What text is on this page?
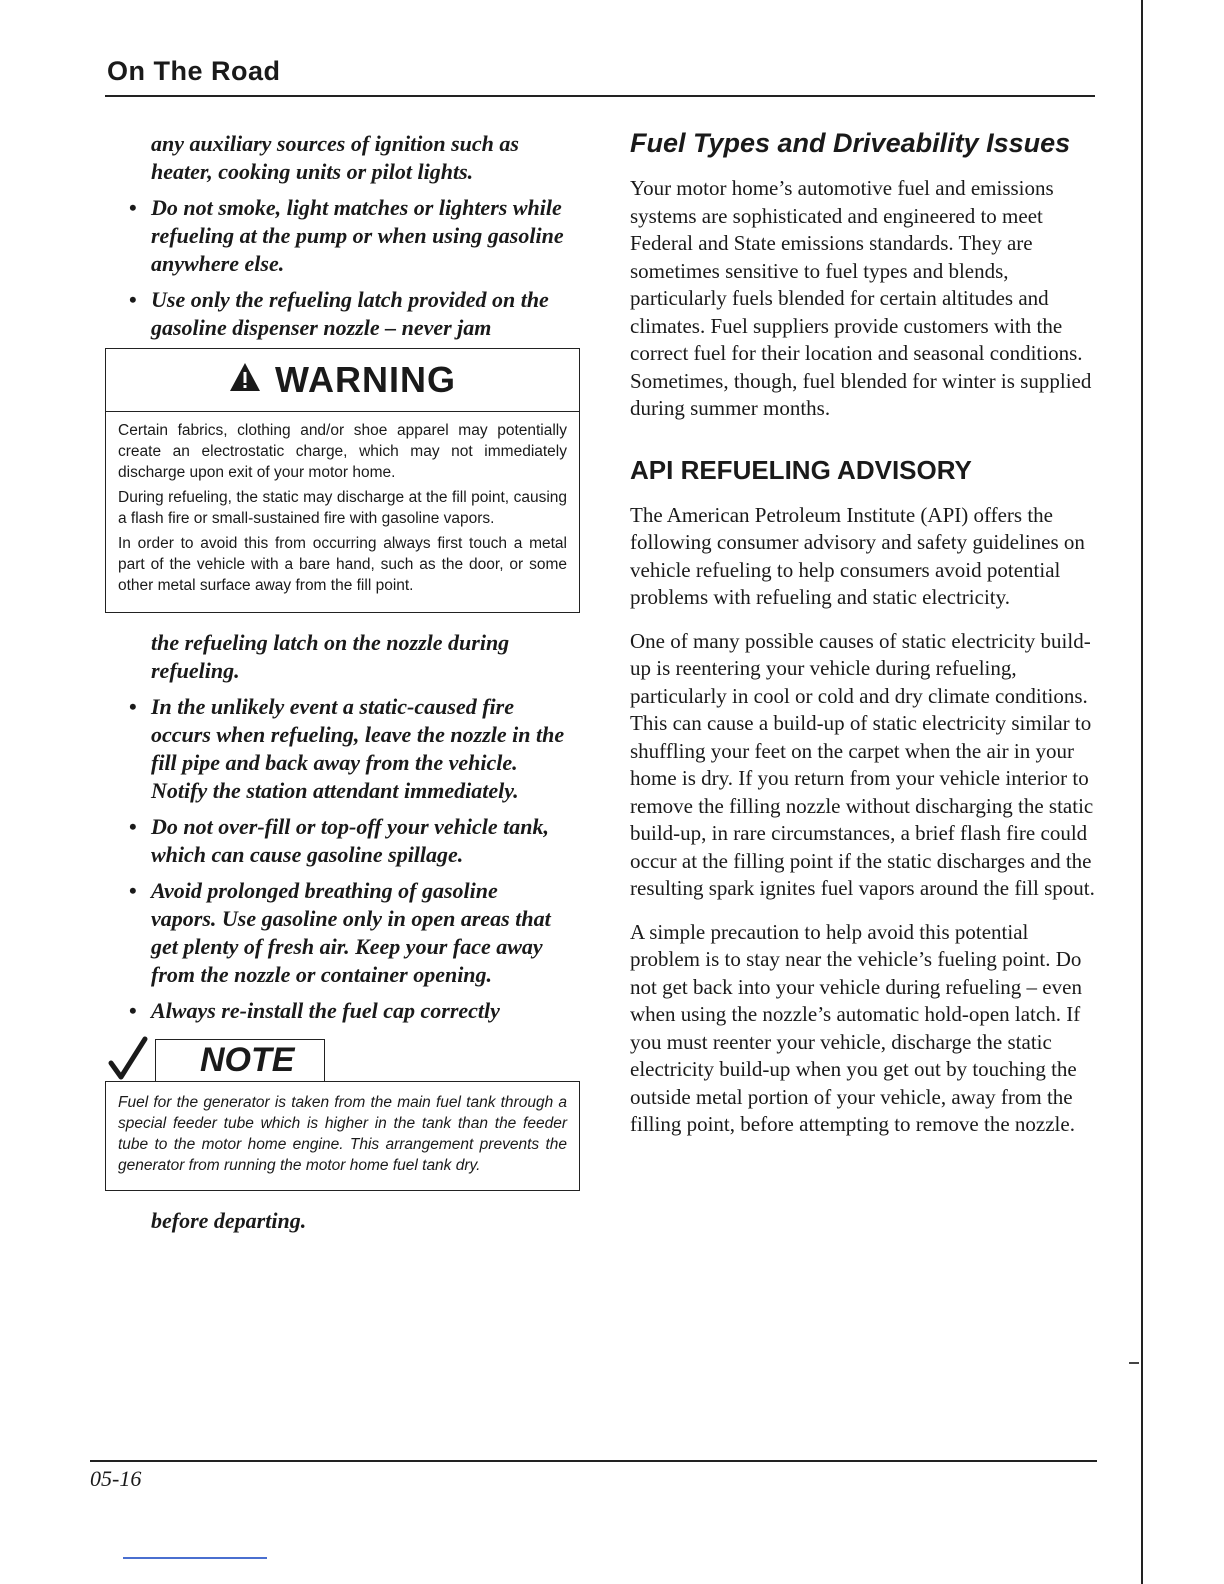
On The Road
any auxiliary sources of ignition such as heater, cooking units or pilot lights.
• Do not smoke, light matches or lighters while refueling at the pump or when using gasoline anywhere else.
• Use only the refueling latch provided on the gasoline dispenser nozzle – never jam
WARNING

Certain fabrics, clothing and/or shoe apparel may potentially create an electrostatic charge, which may not immediately discharge upon exit of your motor home.

During refueling, the static may discharge at the fill point, causing a flash fire or small-sustained fire with gasoline vapors.

In order to avoid this from occurring always first touch a metal part of the vehicle with a bare hand, such as the door, or some other metal surface away from the fill point.

the refueling latch on the nozzle during refueling.
• In the unlikely event a static-caused fire occurs when refueling, leave the nozzle in the fill pipe and back away from the vehicle. Notify the station attendant immediately.
• Do not over-fill or top-off your vehicle tank, which can cause gasoline spillage.
• Avoid prolonged breathing of gasoline vapors. Use gasoline only in open areas that get plenty of fresh air. Keep your face away from the nozzle or container opening.
• Always re-install the fuel cap correctly
NOTE
Fuel for the generator is taken from the main fuel tank through a special feeder tube which is higher in the tank than the feeder tube to the motor home engine. This arrangement prevents the generator from running the motor home fuel tank dry.
before departing.
Fuel Types and Driveability Issues

Your motor home’s automotive fuel and emissions systems are sophisticated and engineered to meet Federal and State emissions standards. They are sometimes sensitive to fuel types and blends, particularly fuels blended for certain altitudes and climates. Fuel suppliers provide customers with the correct fuel for their location and seasonal conditions. Sometimes, though, fuel blended for winter is supplied during summer months.

API REFUELING ADVISORY

The American Petroleum Institute (API) offers the following consumer advisory and safety guidelines on vehicle refueling to help consumers avoid potential problems with refueling and static electricity.

One of many possible causes of static electricity build-up is reentering your vehicle during refueling, particularly in cool or cold and dry climate conditions. This can cause a build-up of static electricity similar to shuffling your feet on the carpet when the air in your home is dry. If you return from your vehicle interior to remove the filling nozzle without discharging the static build-up, in rare circumstances, a brief flash fire could occur at the filling point if the static discharges and the resulting spark ignites fuel vapors around the fill spout.

A simple precaution to help avoid this potential problem is to stay near the vehicle’s fueling point. Do not get back into your vehicle during refueling – even when using the nozzle’s automatic hold-open latch. If you must reenter your vehicle, discharge the static electricity build-up when you get out by touching the outside metal portion of your vehicle, away from the filling point, before attempting to remove the nozzle.

05-16
